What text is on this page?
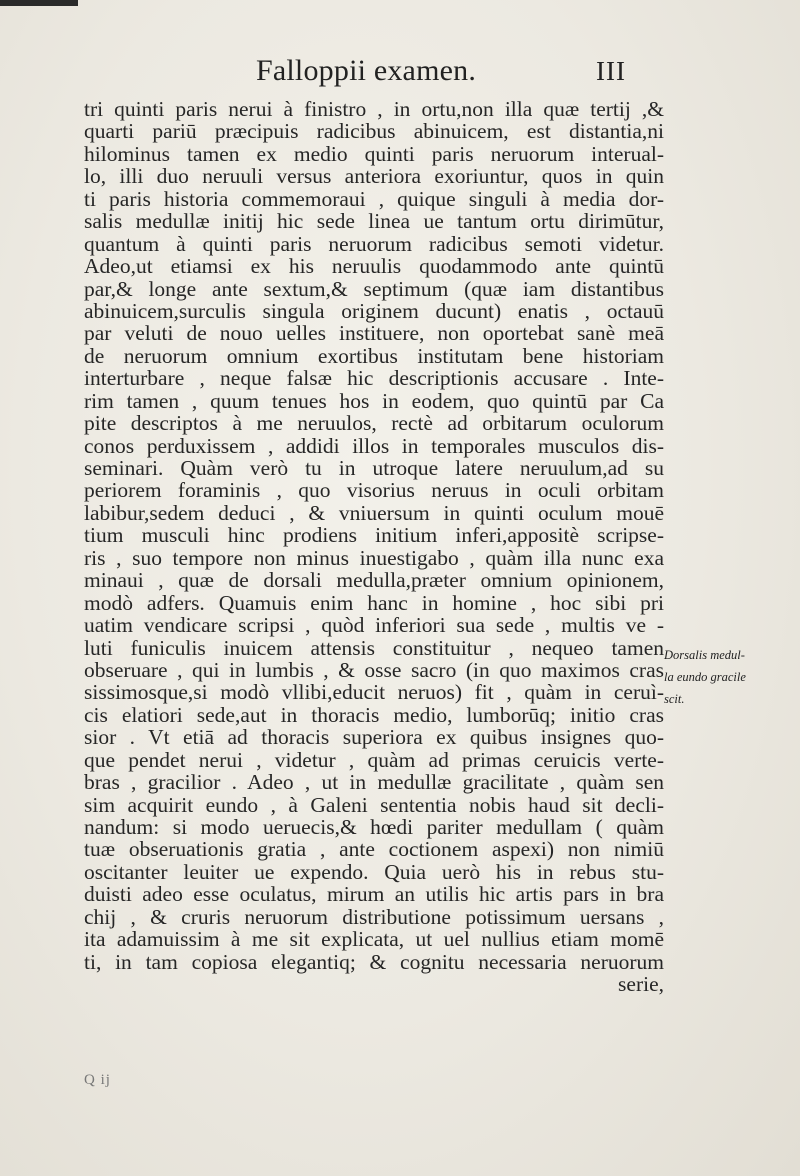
Falloppii examen.	III
tri quinti paris nerui à finistro , in ortu,non illa quæ tertij ,&
quarti pariū præcipuis radicibus abinuicem, est distantia,ni
hilominus tamen ex medio quinti paris neruorum interual-
lo, illi duo neruuli versus anteriora exoriuntur, quos in quin
ti paris historia commemoraui , quique singuli à media dor-
salis medullæ initij hic sede linea ue tantum ortu dirimūtur,
quantum à quinti paris neruorum radicibus semoti videtur.
Adeo,ut etiamsi ex his neruulis quodammodo ante quintū
par,& longe ante sextum,& septimum (quæ iam distantibus
abinuicem,surculis singula originem ducunt) enatis , octauū
par veluti de nouo uelles instituere, non oportebat sanè meā
de neruorum omnium exortibus institutam bene historiam
interturbare , neque falsæ hic descriptionis accusare . Inte-
rim tamen , quum tenues hos in eodem, quo quintū par Ca
pite descriptos à me neruulos, rectè ad orbitarum oculorum
conos perduxissem , addidi illos in temporales musculos dis-
seminari. Quàm verò tu in utroque latere neruulum,ad su
periorem foraminis , quo visorius neruus in oculi orbitam
labibur,sedem deduci , & vniuersum in quinti oculum mouē
tium musculi hinc prodiens initium inferi,appositè scripse-
ris , suo tempore non minus inuestigabo , quàm illa nunc exa
minaui , quæ de dorsali medulla,præter omnium opinionem,
modò adfers. Quamuis enim hanc in homine , hoc sibi pri
uatim vendicare scripsi , quòd inferiori sua sede , multis ve -
luti funiculis inuicem attensis constituitur , nequeo tamen
obseruare , qui in lumbis , & osse sacro (in quo maximos cras
sissimosque,si modò vllibi,educit neruos) fit , quàm in ceruì-
cis elatiori sede,aut in thoracis medio, lumborūq; initio cras
sior . Vt etiā ad thoracis superiora ex quibus insignes quo-
que pendet nerui , videtur , quàm ad primas ceruicis verte-
bras , gracilior . Adeo , ut in medullæ gracilitate , quàm sen
sim acquirit eundo , à Galeni sententia nobis haud sit decli-
nandum: si modo ueruecis,& hœdi pariter medullam ( quàm
tuæ obseruationis gratia , ante coctionem aspexi) non nimiū
oscitanter leuiter ue expendo. Quia uerò his in rebus stu-
duisti adeo esse oculatus, mirum an utilis hic artis pars in bra
chij , & cruris neruorum distributione potissimum uersans ,
ita adamuissim à me sit explicata, ut uel nullius etiam momē
ti, in tam copiosa elegantiq; & cognitu necessaria neruorum
serie,
Q ij
Dorsalis medul-
la eundo gracile
scit.
